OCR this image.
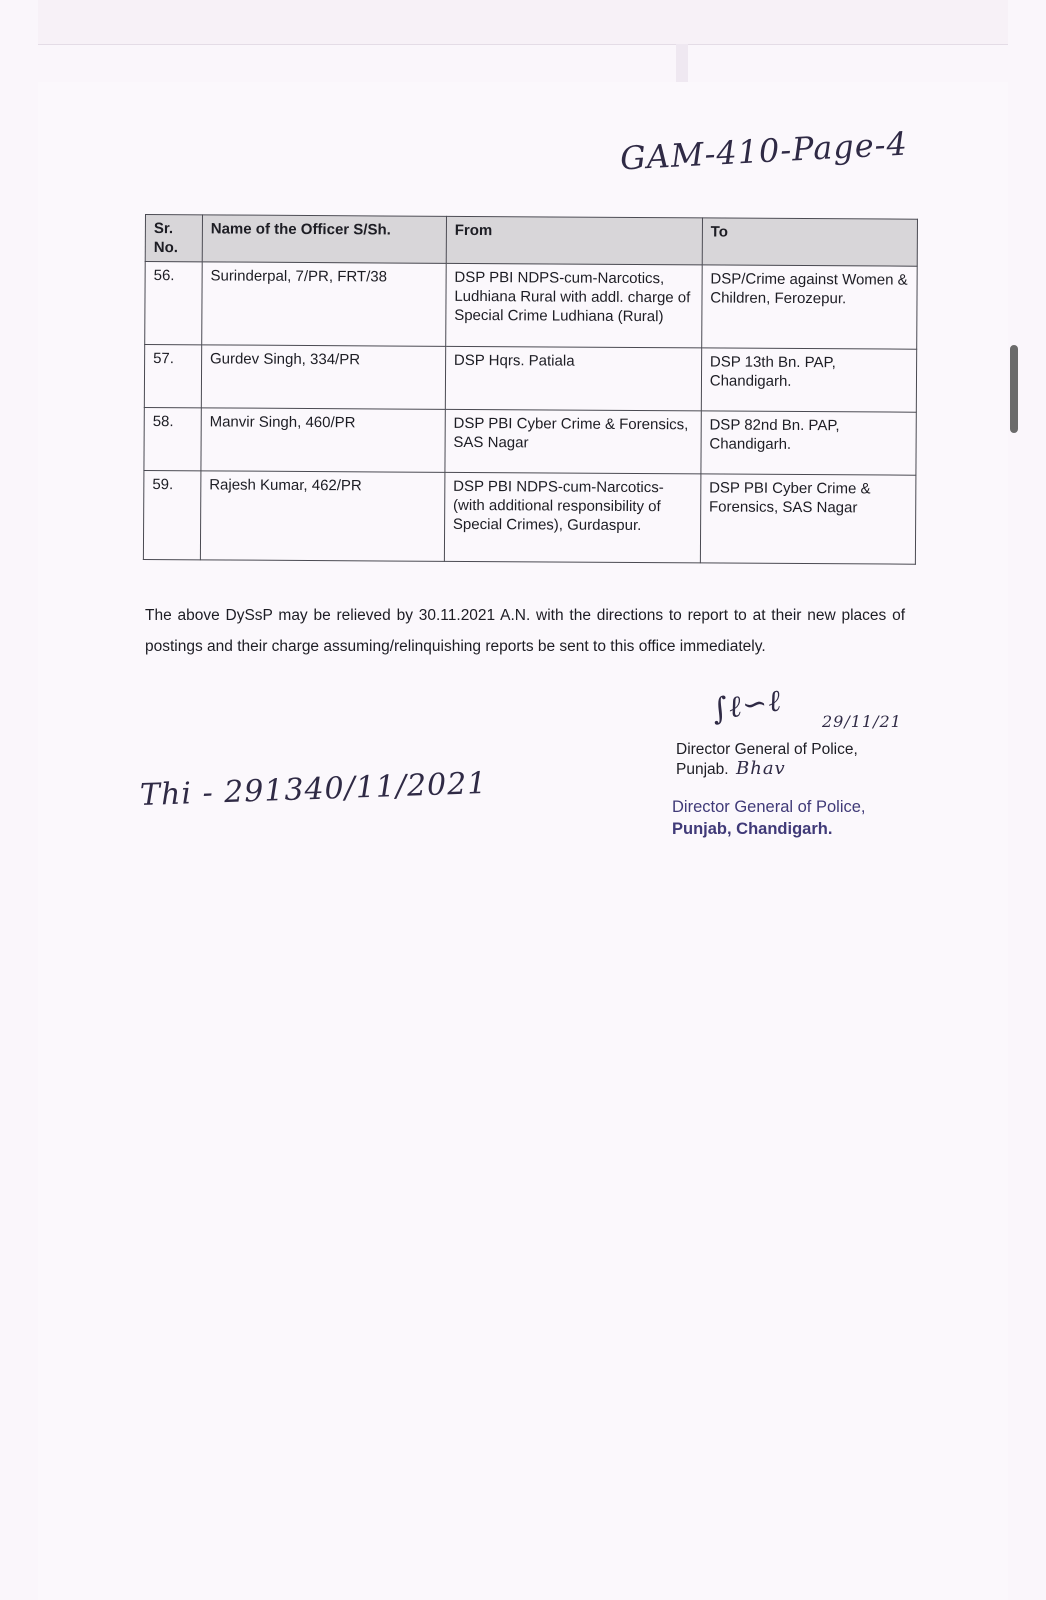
GAM-410-Page-4
Sr. No.	Name of the Officer S/Sh.	From	To
56.	Surinderpal, 7/PR, FRT/38	DSP PBI NDPS-cum-Narcotics, Ludhiana Rural with addl. charge of Special Crime Ludhiana (Rural)	DSP/Crime against Women & Children, Ferozepur.
57.	Gurdev Singh, 334/PR	DSP Hqrs. Patiala	DSP 13th Bn. PAP, Chandigarh.
58.	Manvir Singh, 460/PR	DSP PBI Cyber Crime & Forensics, SAS Nagar	DSP 82nd Bn. PAP, Chandigarh.
59.	Rajesh Kumar, 462/PR	DSP PBI NDPS-cum-Narcotics- (with additional responsibility of Special Crimes), Gurdaspur.	DSP PBI Cyber Crime & Forensics, SAS Nagar
The above DySsP may be relieved by 30.11.2021 A.N. with the directions to report to at their new places of postings and their charge assuming/relinquishing reports be sent to this office immediately.
∫ℓ∽ℓ 29/11/21
Director General of Police,
Punjab. Bhav
Director General of Police,
Punjab, Chandigarh.
Thi - 291340/11/2021
